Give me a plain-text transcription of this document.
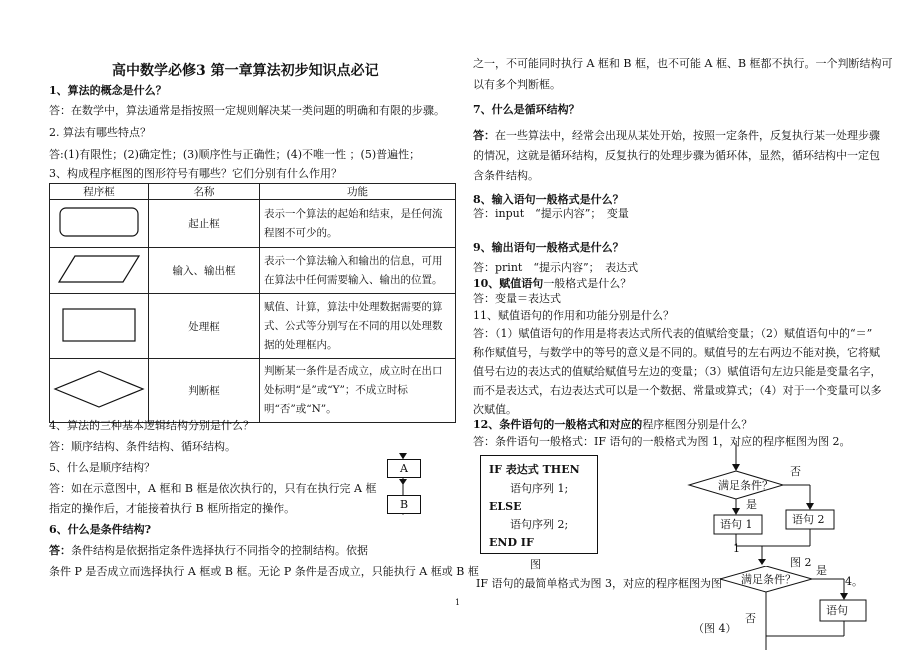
高中数学必修3 第一章算法初步知识点必记
1、算法的概念是什么？
答：在数学中，算法通常是指按照一定规则解决某一类问题的明确和有限的步骤。
2. 算法有哪些特点？
答:(1)有限性；(2)确定性；(3)顺序性与正确性；(4)不唯一性 ；(5)普遍性；
3、构成程序框图的图形符号有哪些？它们分别有什么作用？
程序框	名称	功能
	起止框	表示一个算法的起始和结束，是任何流程图不可少的。
	输入、输出框	表示一个算法输入和输出的信息，可用在算法中任何需要输入、输出的位置。
	处理框	赋值、计算，算法中处理数据需要的算式、公式等分别写在不同的用以处理数据的处理框内。
	判断框	判断某一条件是否成立，成立时在出口处标明“是”或“Y”；不成立时标明“否”或“N”。
4、算法的三种基本逻辑结构分别是什么？
答：顺序结构、条件结构、循环结构。
5、什么是顺序结构？
答：如在示意图中，A 框和 B 框是依次执行的，只有在执行完 A 框
指定的操作后，才能接着执行 B 框所指定的操作。
6、什么是条件结构?
答：条件结构是依据指定条件选择执行不同指令的控制结构。依据
条件 P 是否成立而选择执行 A 框或 B 框。无论 P 条件是否成立，只能执行 A 框或 B 框
A
B
1
之一，不可能同时执行 A 框和 B 框，也不可能 A 框、B 框都不执行。一个判断结构可
以有多个判断框。
7、什么是循环结构？
答：在一些算法中，经常会出现从某处开始，按照一定条件，反复执行某一处理步骤
的情况，这就是循环结构，反复执行的处理步骤为循环体，显然，循环结构中一定包
含条件结构。
8、输入语句一般格式是什么？
答：input　“提示内容”；　变量
9、输出语句一般格式是什么？
答：print　“提示内容”；　表达式
10、赋值语句一般格式是什么？
答：变量＝表达式
11、赋值语句的作用和功能分别是什么？
答：（1）赋值语句的作用是将表达式所代表的值赋给变量；（2）赋值语句中的“＝”
称作赋值号，与数学中的等号的意义是不同的。赋值号的左右两边不能对换，它将赋
值号右边的表达式的值赋给赋值号左边的变量；（3）赋值语句左边只能是变量名字，
而不是表达式，右边表达式可以是一个数据、常量或算式；（4）对于一个变量可以多
次赋值。
12、条件语句的一般格式和对应的程序框图分别是什么？
答：条件语句一般格式：IF 语句的一般格式为图 1，对应的程序框图为图 2。
IF 表达式 THEN
语句序列 1;
ELSE
语句序列 2;
END IF
图
IF 语句的最简单格式为图 3，对应的程序框图为图
满足条件？
否
是
语句 1	语句 2
1
图 2
满足条件？
是
4。
语句
否
（图 4）
